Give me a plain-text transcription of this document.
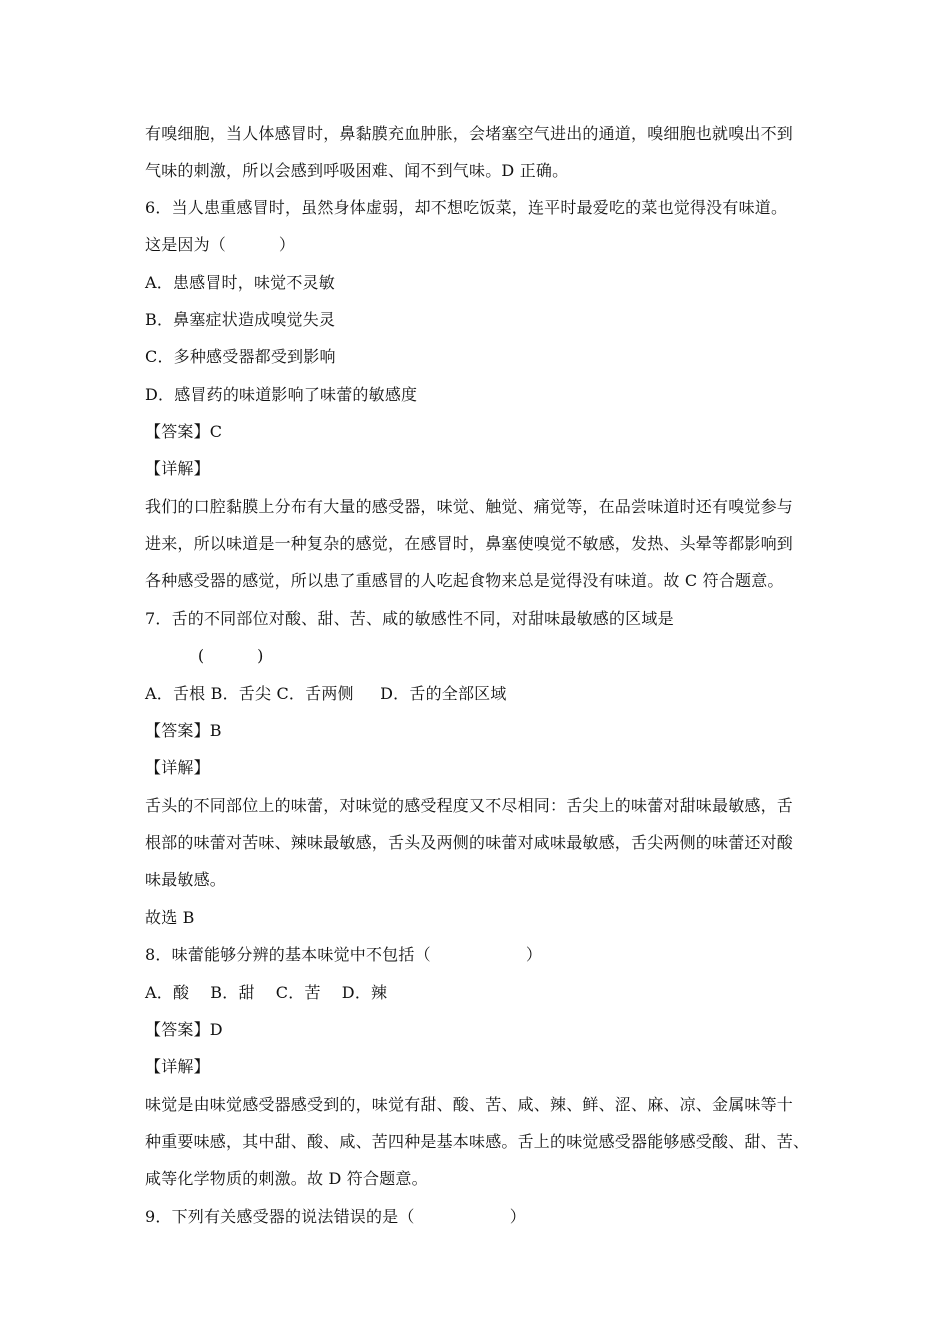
有嗅细胞，当人体感冒时，鼻黏膜充血肿胀，会堵塞空气进出的通道，嗅细胞也就嗅出不到
气味的刺激，所以会感到呼吸困难、闻不到气味。D 正确。
6．当人患重感冒时，虽然身体虚弱，却不想吃饭菜，连平时最爱吃的菜也觉得没有味道。
这是因为（          ）
A．患感冒时，味觉不灵敏
B．鼻塞症状造成嗅觉失灵
C．多种感受器都受到影响
D．感冒药的味道影响了味蕾的敏感度
【答案】C
【详解】
我们的口腔黏膜上分布有大量的感受器，味觉、触觉、痛觉等，在品尝味道时还有嗅觉参与
进来，所以味道是一种复杂的感觉，在感冒时，鼻塞使嗅觉不敏感，发热、头晕等都影响到
各种感受器的感觉，所以患了重感冒的人吃起食物来总是觉得没有味道。故 C 符合题意。
7．舌的不同部位对酸、甜、苦、咸的敏感性不同，对甜味最敏感的区域是
(          )
A．舌根 B．舌尖 C．舌两侧     D．舌的全部区域
【答案】B
【详解】
舌头的不同部位上的味蕾，对味觉的感受程度又不尽相同：舌尖上的味蕾对甜味最敏感，舌
根部的味蕾对苦味、辣味最敏感，舌头及两侧的味蕾对咸味最敏感，舌尖两侧的味蕾还对酸
味最敏感。
故选 B
8．味蕾能够分辨的基本味觉中不包括（                  ）
A．酸    B．甜    C．苦    D．辣
【答案】D
【详解】
味觉是由味觉感受器感受到的，味觉有甜、酸、苦、咸、辣、鲜、涩、麻、凉、金属味等十
种重要味感，其中甜、酸、咸、苦四种是基本味感。舌上的味觉感受器能够感受酸、甜、苦、
咸等化学物质的刺激。故 D 符合题意。
9．下列有关感受器的说法错误的是（                  ）
